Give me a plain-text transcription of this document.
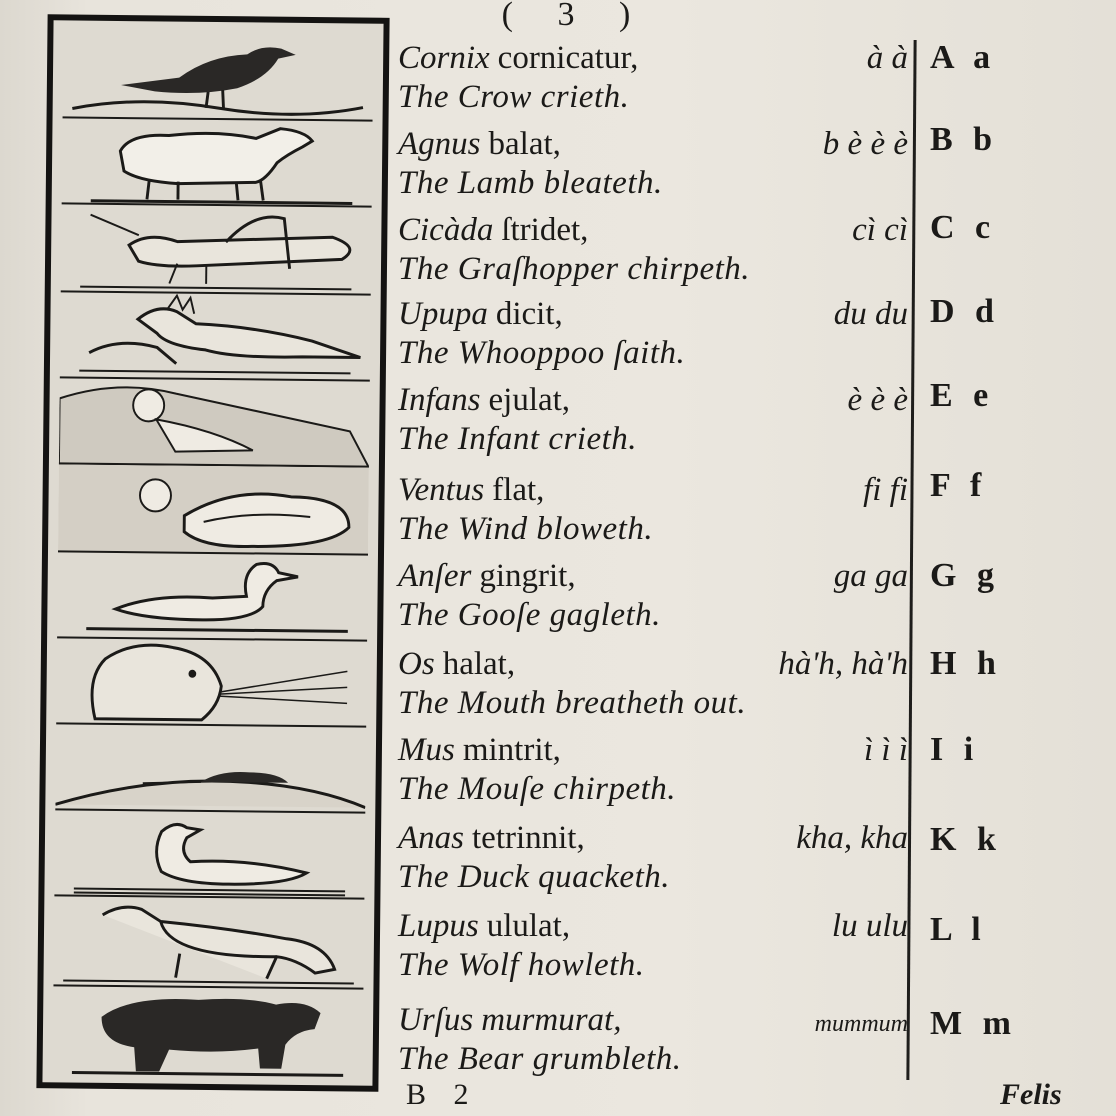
( 3 )
Cornix cornicatur,	à à
The Crow crieth.
A a
Agnus balat,	b è è è
The Lamb bleateth.
B b
Cicàda ſtridet,	cì cì
The Graſhopper chirpeth.
C c
Upupa dicit,	du du
The Whooppoo ſaith.
D d
Infans ejulat,	è è è
The Infant crieth.
E e
Ventus flat,	fi fi
The Wind bloweth.
F f
Anſer gingrit,	ga ga
The Gooſe gagleth.
G g
Os halat,	hà'h, hà'h
The Mouth breatheth out.
H h
Mus mintrit,	ì ì ì
The Mouſe chirpeth.
I i
Anas tetrinnit,	kha, kha
The Duck quacketh.
K k
Lupus ululat,	lu ulu
The Wolf howleth.
L l
Urſus murmurat,	mummum
The Bear grumbleth.
M m
B 2	Felis
